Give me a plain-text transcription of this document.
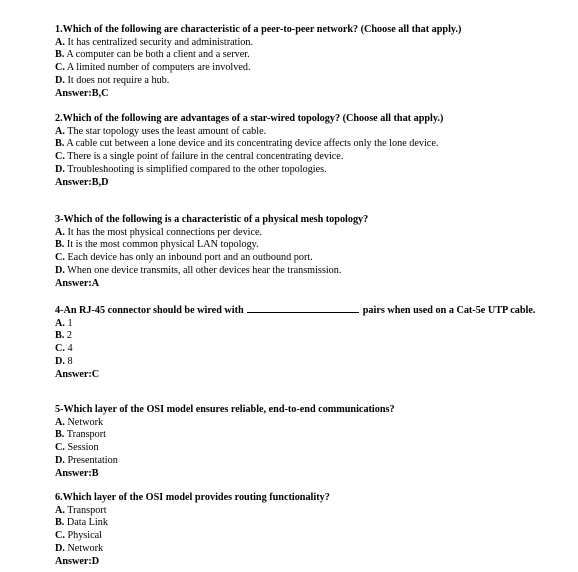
1.Which of the following are characteristic of a peer-to-peer network? (Choose all that apply.)
A. It has centralized security and administration.
B. A computer can be both a client and a server.
C. A limited number of computers are involved.
D. It does not require a hub.
Answer:B,C
2.Which of the following are advantages of a star-wired topology? (Choose all that apply.)
A. The star topology uses the least amount of cable.
B. A cable cut between a lone device and its concentrating device affects only the lone device.
C. There is a single point of failure in the central concentrating device.
D. Troubleshooting is simplified compared to the other topologies.
Answer:B,D
3-Which of the following is a characteristic of a physical mesh topology?
A. It has the most physical connections per device.
B. It is the most common physical LAN topology.
C. Each device has only an inbound port and an outbound port.
D. When one device transmits, all other devices hear the transmission.
Answer:A
4-An RJ-45 connector should be wired with	pairs when used on a Cat-5e UTP cable.
A. 1
B. 2
C. 4
D. 8
Answer:C
5-Which layer of the OSI model ensures reliable, end-to-end communications?
A. Network
B. Transport
C. Session
D. Presentation
Answer:B
6.Which layer of the OSI model provides routing functionality?
A. Transport
B. Data Link
C. Physical
D. Network
Answer:D
